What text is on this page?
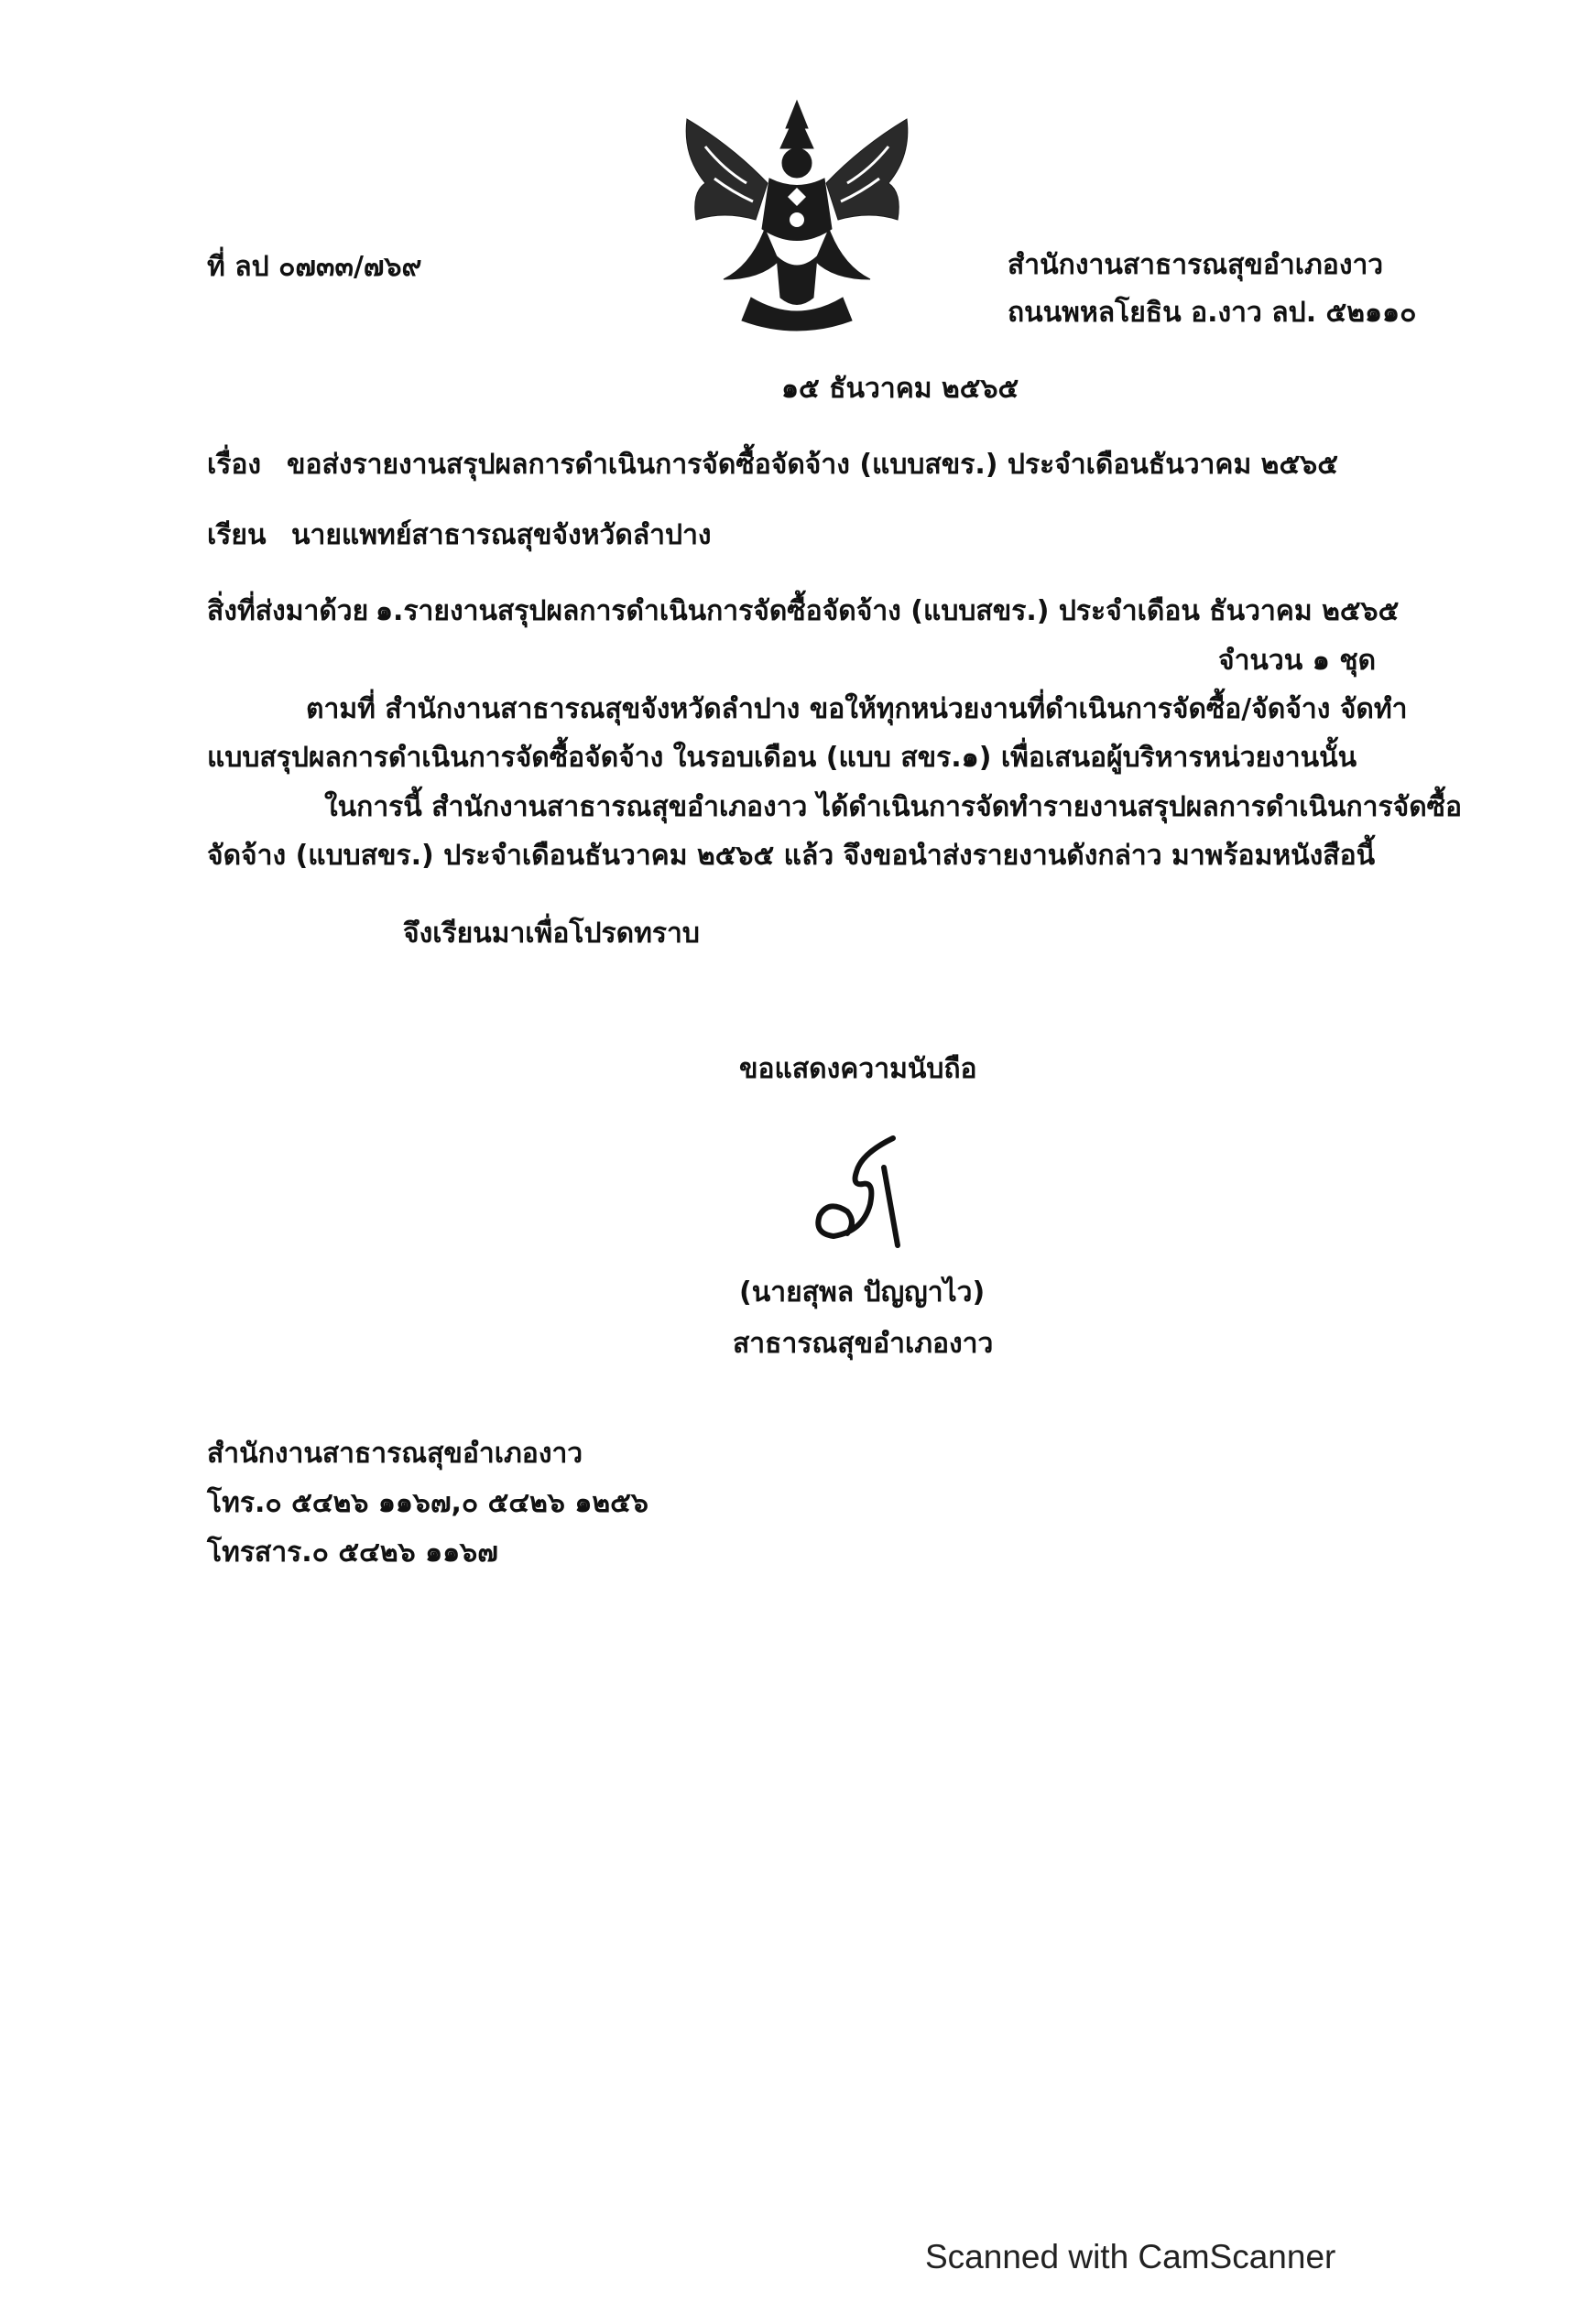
ที่ ลป ๐๗๓๓/๗๖๙	สำนักงานสาธารณสุขอำเภองาว
ถนนพหลโยธิน อ.งาว ลป. ๕๒๑๑๐
๑๕ ธันวาคม ๒๕๖๕
เรื่อง ขอส่งรายงานสรุปผลการดำเนินการจัดซื้อจัดจ้าง (แบบสขร.) ประจำเดือนธันวาคม ๒๕๖๕
เรียน นายแพทย์สาธารณสุขจังหวัดลำปาง
สิ่งที่ส่งมาด้วย ๑.รายงานสรุปผลการดำเนินการจัดซื้อจัดจ้าง (แบบสขร.) ประจำเดือน ธันวาคม ๒๕๖๕
จำนวน ๑ ชุด
ตามที่ สำนักงานสาธารณสุขจังหวัดลำปาง ขอให้ทุกหน่วยงานที่ดำเนินการจัดซื้อ/จัดจ้าง จัดทำ
แบบสรุปผลการดำเนินการจัดซื้อจัดจ้าง ในรอบเดือน (แบบ สขร.๑) เพื่อเสนอผู้บริหารหน่วยงานนั้น
ในการนี้ สำนักงานสาธารณสุขอำเภองาว ได้ดำเนินการจัดทำรายงานสรุปผลการดำเนินการจัดซื้อ
จัดจ้าง (แบบสขร.) ประจำเดือนธันวาคม ๒๕๖๕ แล้ว จึงขอนำส่งรายงานดังกล่าว มาพร้อมหนังสือนี้
จึงเรียนมาเพื่อโปรดทราบ
ขอแสดงความนับถือ
(นายสุพล ปัญญาไว)
สาธารณสุขอำเภองาว
สำนักงานสาธารณสุขอำเภองาว
โทร.๐ ๕๔๒๖ ๑๑๖๗,๐ ๕๔๒๖ ๑๒๕๖
โทรสาร.๐ ๕๔๒๖ ๑๑๖๗
Scanned with CamScanner
